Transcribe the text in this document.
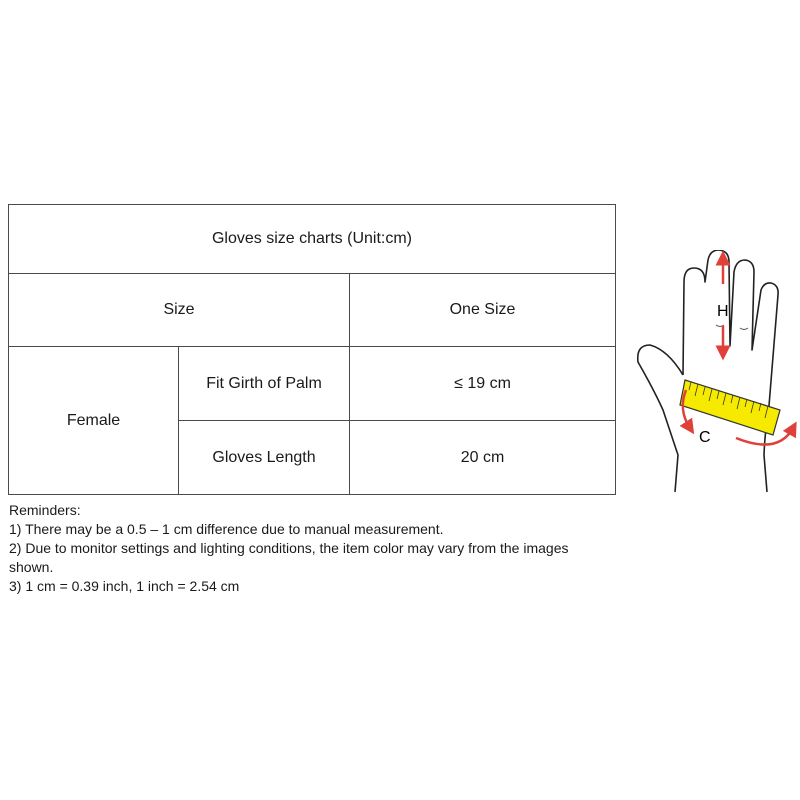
Gloves size charts (Unit:cm)		
Size		One Size
Female	Fit Girth of Palm	≤ 19 cm
	Gloves Length	20 cm
Reminders:
1) There may be a 0.5 – 1 cm difference due to manual measurement.
2) Due to monitor settings and lighting conditions, the item color may vary from the images shown.
3) 1 cm = 0.39 inch, 1 inch = 2.54 cm
H
C
